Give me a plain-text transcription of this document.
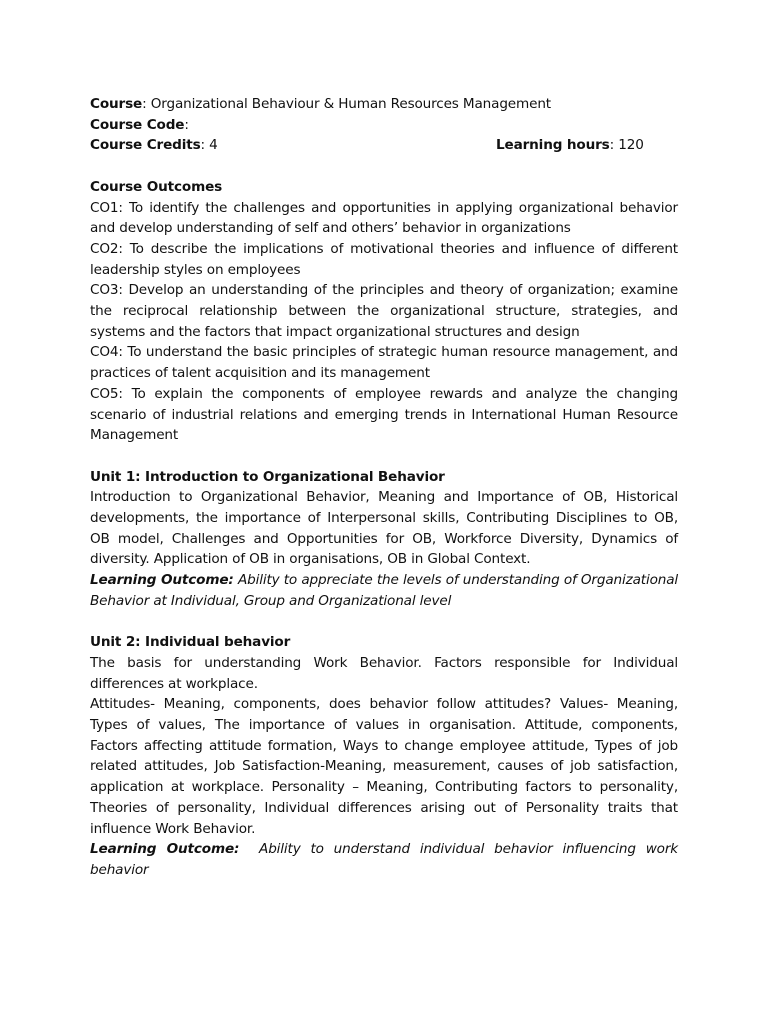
Course: Organizational Behaviour & Human Resources Management
Course Code:
Course Credits: 4	Learning hours: 120
Course Outcomes
CO1: To identify the challenges and opportunities in applying organizational behavior and develop understanding of self and others’ behavior in organizations
CO2: To describe the implications of motivational theories and influence of different leadership styles on employees
CO3: Develop an understanding of the principles and theory of organization; examine the reciprocal relationship between the organizational structure, strategies, and systems and the factors that impact organizational structures and design
CO4: To understand the basic principles of strategic human resource management, and practices of talent acquisition and its management
CO5: To explain the components of employee rewards and analyze the changing scenario of industrial relations and emerging trends in International Human Resource Management
Unit 1: Introduction to Organizational Behavior
Introduction to Organizational Behavior, Meaning and Importance of OB, Historical developments, the importance of Interpersonal skills, Contributing Disciplines to OB, OB model, Challenges and Opportunities for OB, Workforce Diversity, Dynamics of diversity. Application of OB in organisations, OB in Global Context.
Learning Outcome: Ability to appreciate the levels of understanding of Organizational Behavior at Individual, Group and Organizational level
Unit 2: Individual behavior
The basis for understanding Work Behavior. Factors responsible for Individual differences at workplace.
Attitudes- Meaning, components, does behavior follow attitudes? Values- Meaning, Types of values, The importance of values in organisation. Attitude, components, Factors affecting attitude formation, Ways to change employee attitude, Types of job related attitudes, Job Satisfaction-Meaning, measurement, causes of job satisfaction, application at workplace. Personality – Meaning, Contributing factors to personality, Theories of personality, Individual differences arising out of Personality traits that influence Work Behavior.
Learning Outcome: Ability to understand individual behavior influencing work behavior
